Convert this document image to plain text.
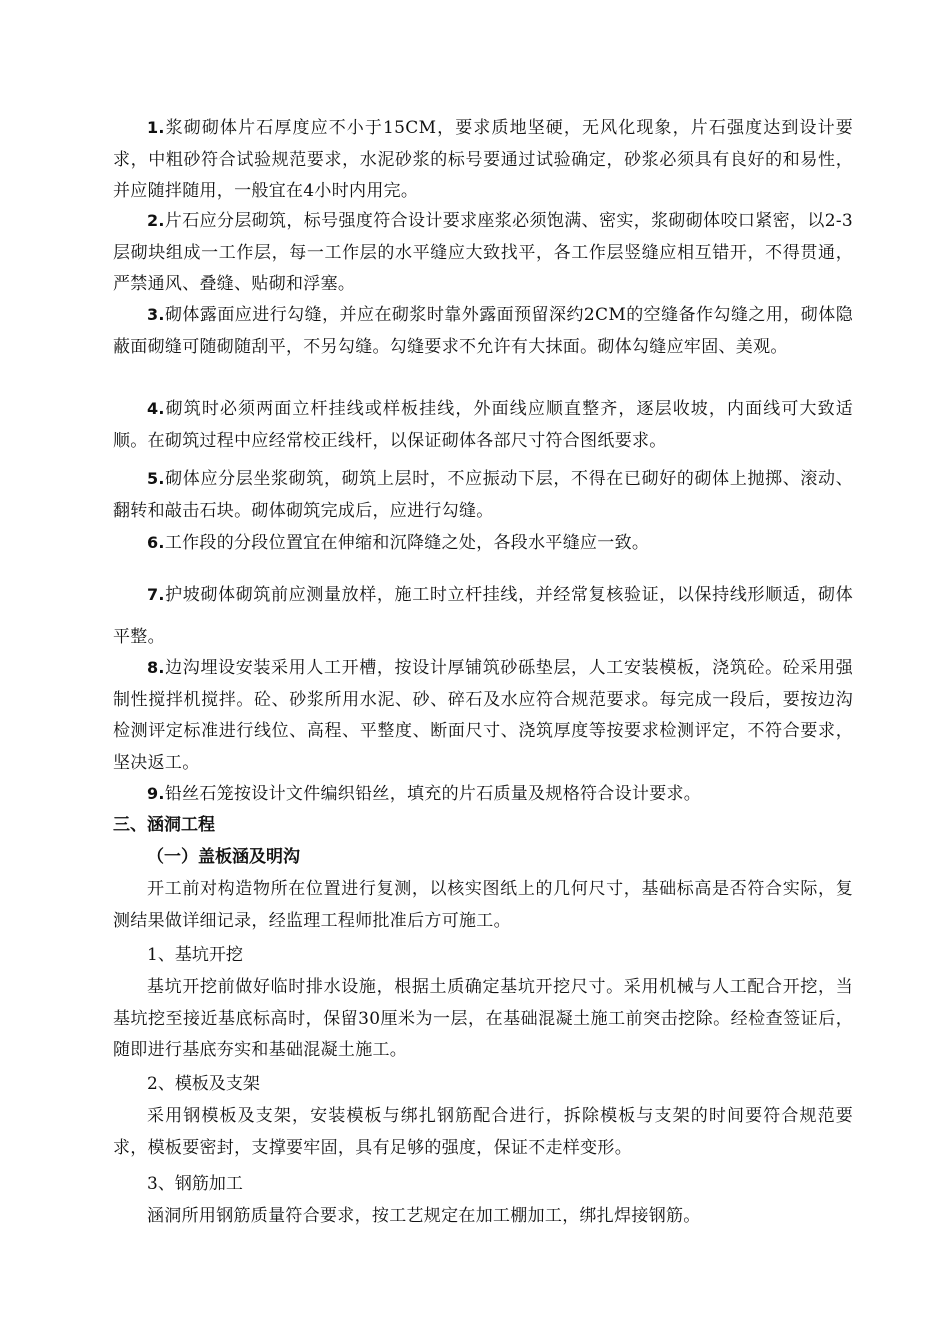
1.浆砌砌体片石厚度应不小于15CM，要求质地坚硬，无风化现象，片石强度达到设计要求，中粗砂符合试验规范要求，水泥砂浆的标号要通过试验确定，砂浆必须具有良好的和易性，并应随拌随用，一般宜在4小时内用完。

2.片石应分层砌筑，标号强度符合设计要求座浆必须饱满、密实，浆砌砌体咬口紧密，以2-3层砌块组成一工作层，每一工作层的水平缝应大致找平，各工作层竖缝应相互错开，不得贯通，严禁通风、叠缝、贴砌和浮塞。

3.砌体露面应进行勾缝，并应在砌浆时靠外露面预留深约2CM的空缝备作勾缝之用，砌体隐蔽面砌缝可随砌随刮平，不另勾缝。勾缝要求不允许有大抹面。砌体勾缝应牢固、美观。

4.砌筑时必须两面立杆挂线或样板挂线，外面线应顺直整齐，逐层收坡，内面线可大致适顺。在砌筑过程中应经常校正线杆，以保证砌体各部尺寸符合图纸要求。

5.砌体应分层坐浆砌筑，砌筑上层时，不应振动下层，不得在已砌好的砌体上抛掷、滚动、翻转和敲击石块。砌体砌筑完成后，应进行勾缝。

6.工作段的分段位置宜在伸缩和沉降缝之处，各段水平缝应一致。

7.护坡砌体砌筑前应测量放样，施工时立杆挂线，并经常复核验证，以保持线形顺适，砌体平整。

8.边沟埋设安装采用人工开槽，按设计厚铺筑砂砾垫层，人工安装模板，浇筑砼。砼采用强制性搅拌机搅拌。砼、砂浆所用水泥、砂、碎石及水应符合规范要求。每完成一段后，要按边沟检测评定标准进行线位、高程、平整度、断面尺寸、浇筑厚度等按要求检测评定，不符合要求，坚决返工。

9.铅丝石笼按设计文件编织铅丝，填充的片石质量及规格符合设计要求。

三、涵洞工程
（一）盖板涵及明沟

开工前对构造物所在位置进行复测，以核实图纸上的几何尺寸，基础标高是否符合实际，复测结果做详细记录，经监理工程师批准后方可施工。

1、基坑开挖

基坑开挖前做好临时排水设施，根据土质确定基坑开挖尺寸。采用机械与人工配合开挖，当基坑挖至接近基底标高时，保留30厘米为一层，在基础混凝土施工前突击挖除。经检查签证后，随即进行基底夯实和基础混凝土施工。

2、模板及支架

采用钢模板及支架，安装模板与绑扎钢筋配合进行，拆除模板与支架的时间要符合规范要求，模板要密封，支撑要牢固，具有足够的强度，保证不走样变形。

3、钢筋加工

涵洞所用钢筋质量符合要求，按工艺规定在加工棚加工，绑扎焊接钢筋。
